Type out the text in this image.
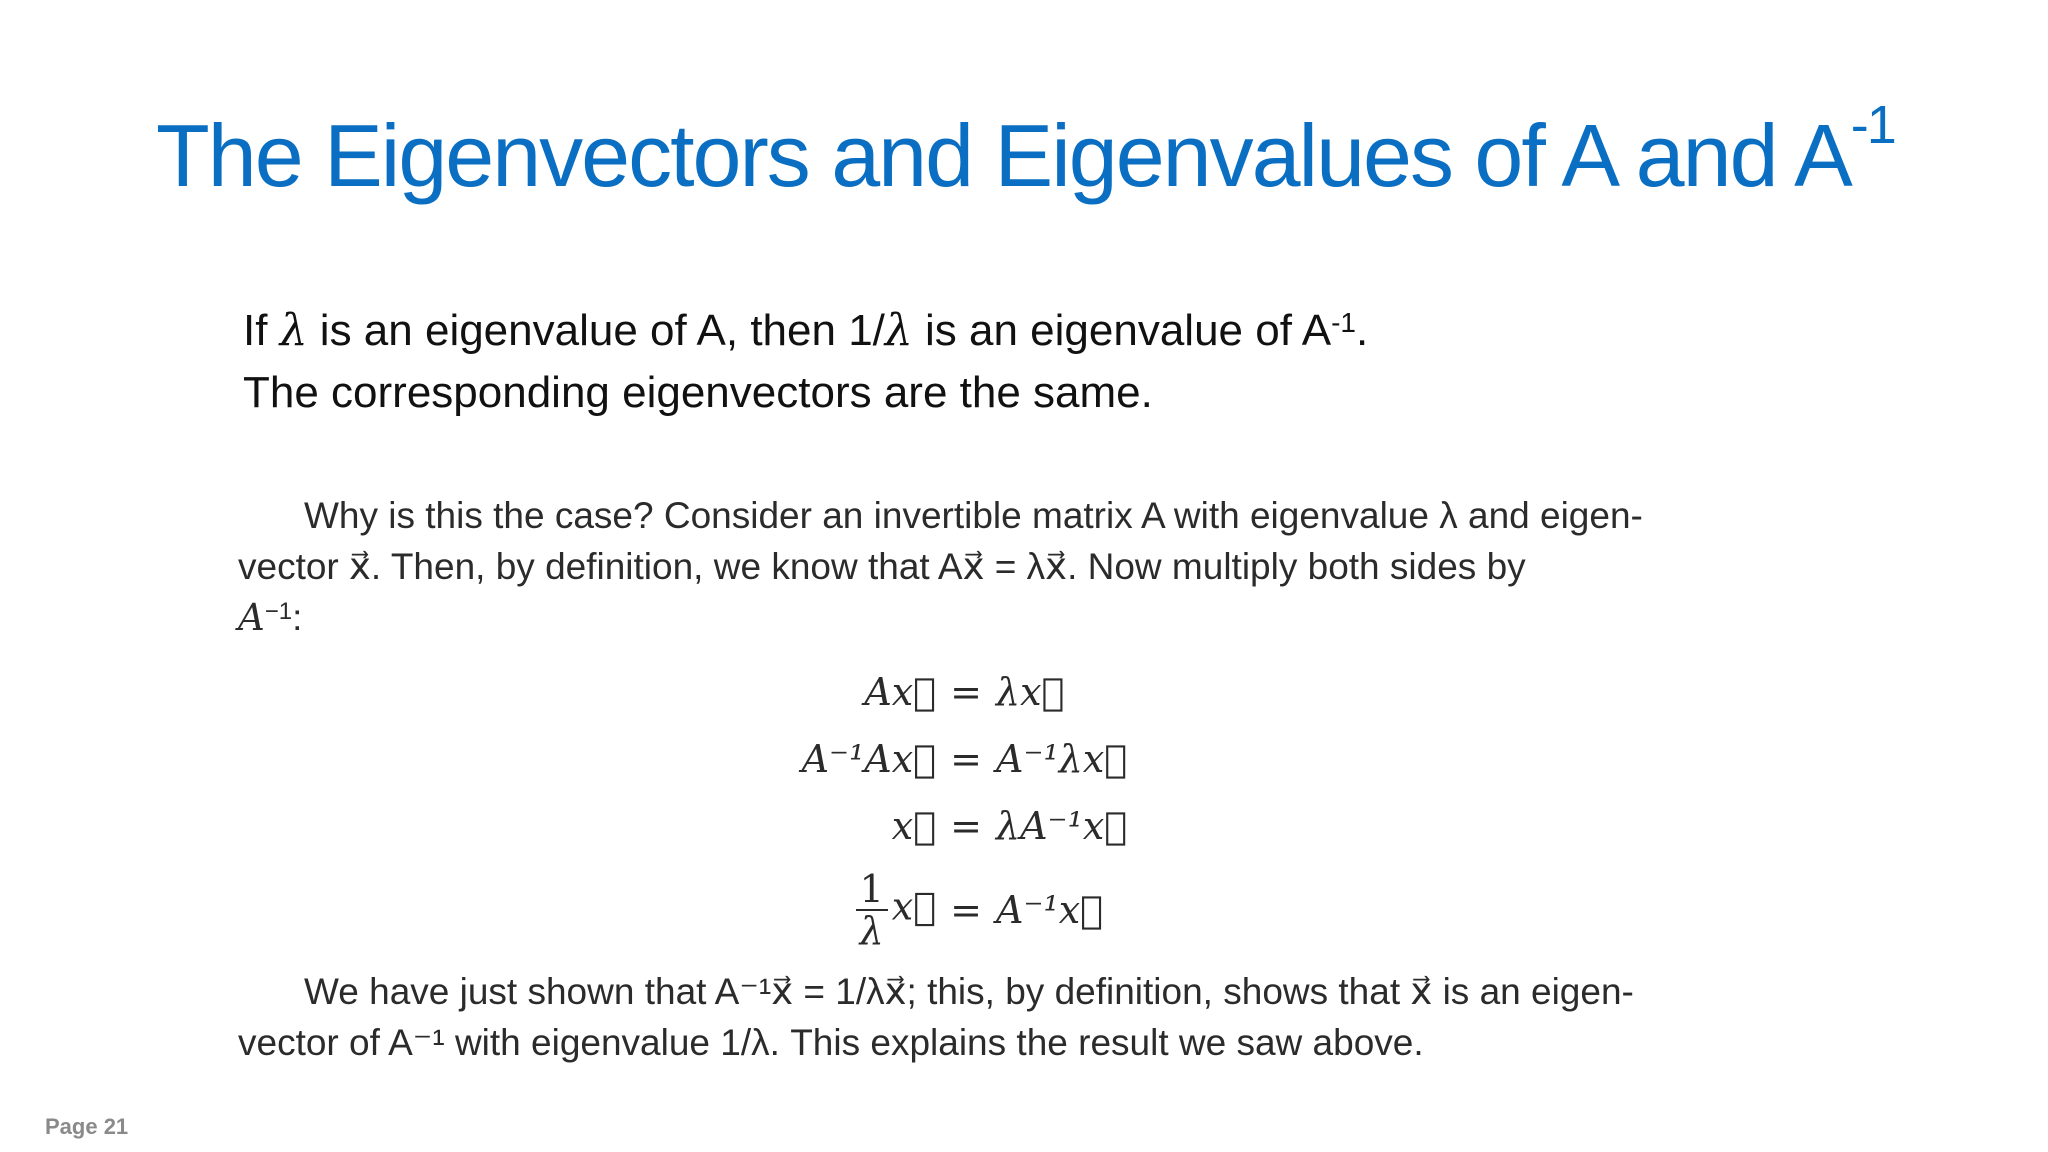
The Eigenvectors and Eigenvalues of A and $A^{-1}$
If λ is an eigenvalue of A, then 1/λ is an eigenvalue of $A^{-1}$.
The corresponding eigenvectors are the same.
Why is this the case? Consider an invertible matrix A with eigenvalue λ and eigen-
vector x⃗. Then, by definition, we know that Ax⃗ = λx⃗. Now multiply both sides by
$A^{-1}$:
Ax⃗ = λx⃗
A⁻¹Ax⃗ = A⁻¹λx⃗
x⃗ = λA⁻¹x⃗
$\frac{1}{\lambda}$ x⃗ = A⁻¹x⃗
We have just shown that A⁻¹x⃗ = 1/λx⃗; this, by definition, shows that x⃗ is an eigen-
vector of A⁻¹ with eigenvalue 1/λ. This explains the result we saw above.
Page 21
